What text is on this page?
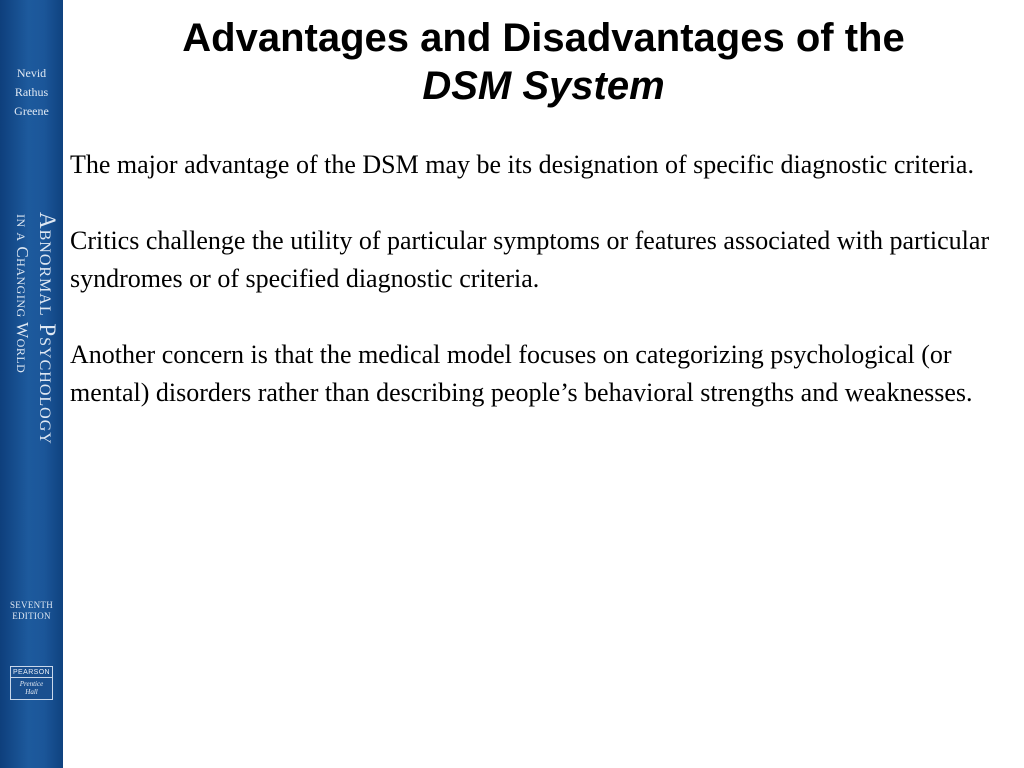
Nevid
Rathus
Greene
Abnormal Psychology
in a Changing World
SEVENTH
EDITION
PEARSON
Prentice
Hall
Advantages and Disadvantages of the
DSM System

The major advantage of the DSM may be its designation of specific diagnostic criteria.

Critics challenge the utility of particular symptoms or features associated with particular syndromes or of specified diagnostic criteria.

Another concern is that the medical model focuses on categorizing psychological (or mental) disorders rather than describing people’s behavioral strengths and weaknesses.
